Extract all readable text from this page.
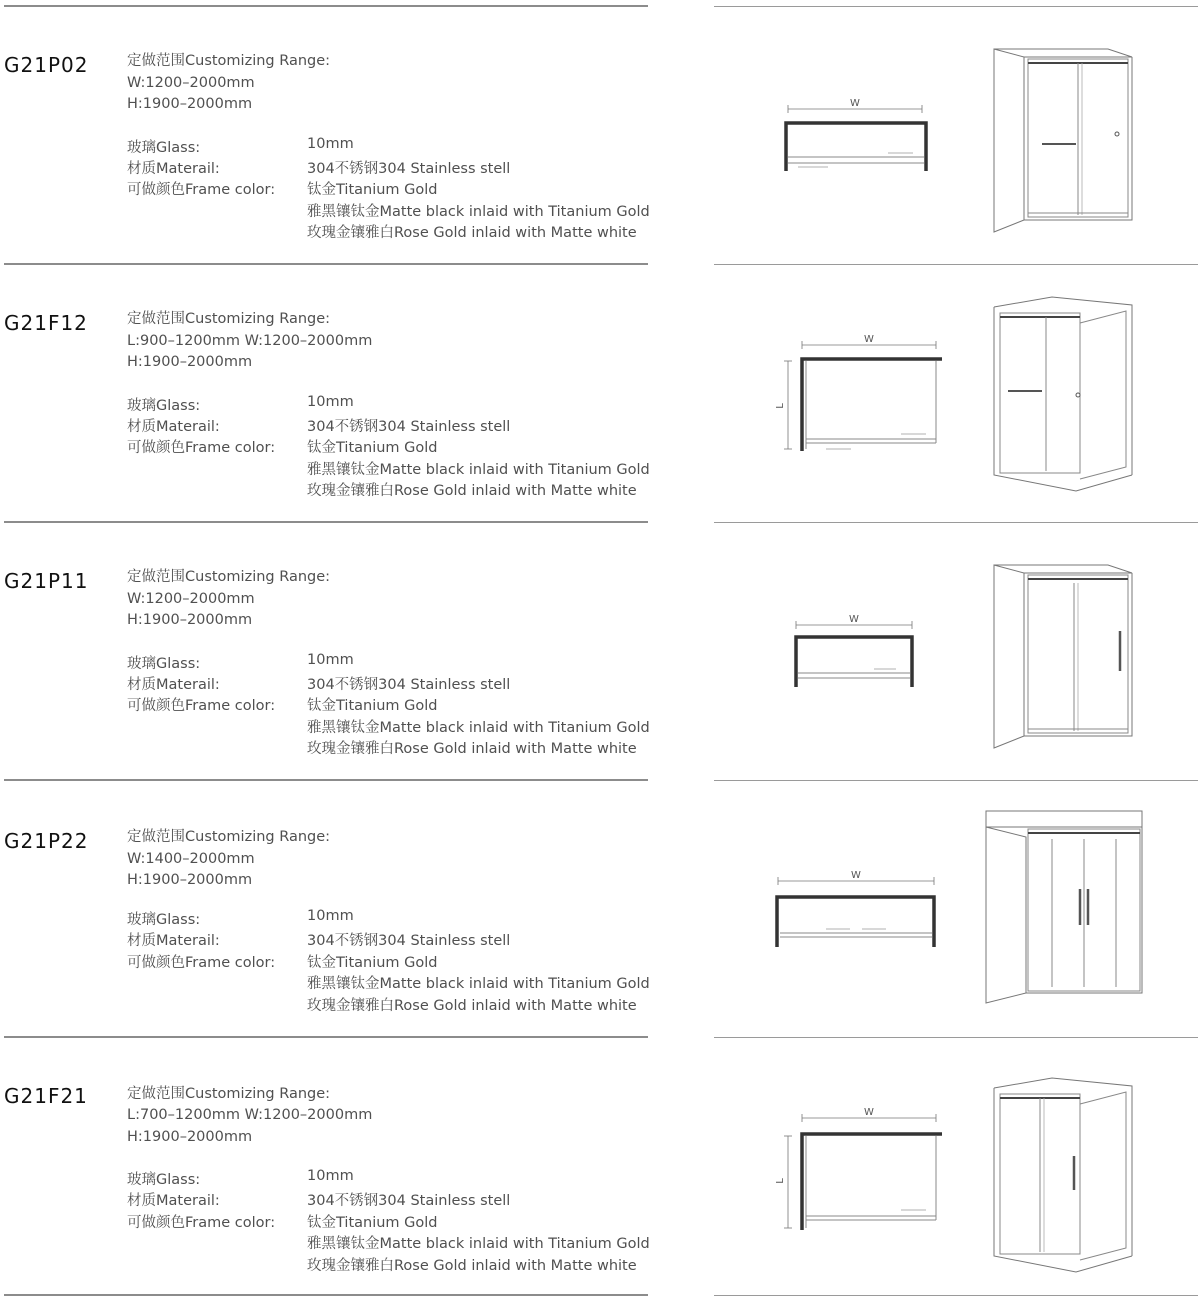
G21P02	定做范围Customizing Range:
W:1200–2000mm
H:1900–2000mm
玻璃Glass:	10mm
材质Materail:	304不锈钢304 Stainless stell
可做颜色Frame color: 钛金Titanium Gold
雅黑镶钛金Matte black inlaid with Titanium Gold
玫瑰金镶雅白Rose Gold inlaid with Matte white
W
G21F12	定做范围Customizing Range:
L:900–1200mm W:1200–2000mm
H:1900–2000mm
玻璃Glass:	10mm
材质Materail:	304不锈钢304 Stainless stell
可做颜色Frame color: 钛金Titanium Gold
雅黑镶钛金Matte black inlaid with Titanium Gold
玫瑰金镶雅白Rose Gold inlaid with Matte white
W
L
G21P11	定做范围Customizing Range:
W:1200–2000mm
H:1900–2000mm
玻璃Glass:	10mm
材质Materail:	304不锈钢304 Stainless stell
可做颜色Frame color: 钛金Titanium Gold
雅黑镶钛金Matte black inlaid with Titanium Gold
玫瑰金镶雅白Rose Gold inlaid with Matte white
W
G21P22	定做范围Customizing Range:
W:1400–2000mm
H:1900–2000mm
玻璃Glass:	10mm
材质Materail:	304不锈钢304 Stainless stell
可做颜色Frame color: 钛金Titanium Gold
雅黑镶钛金Matte black inlaid with Titanium Gold
玫瑰金镶雅白Rose Gold inlaid with Matte white
W
G21F21	定做范围Customizing Range:
L:700–1200mm W:1200–2000mm
H:1900–2000mm
玻璃Glass:	10mm
材质Materail:	304不锈钢304 Stainless stell
可做颜色Frame color: 钛金Titanium Gold
雅黑镶钛金Matte black inlaid with Titanium Gold
玫瑰金镶雅白Rose Gold inlaid with Matte white
W
L
